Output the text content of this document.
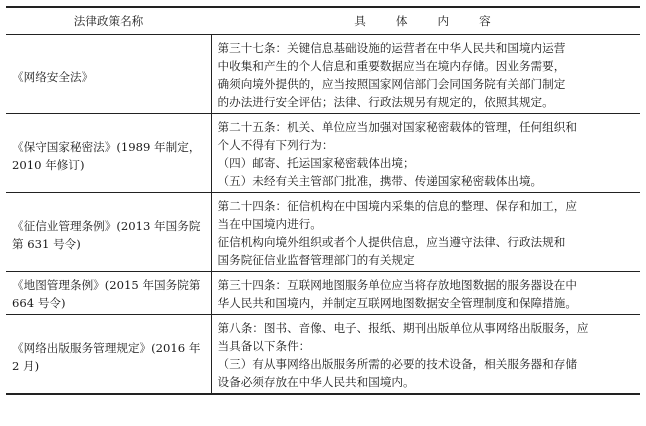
法律政策名称	具体内容
《网络安全法》	第三十七条：关键信息基础设施的运营者在中华人民共和国境内运营
中收集和产生的个人信息和重要数据应当在境内存储。因业务需要，
确须向境外提供的，应当按照国家网信部门会同国务院有关部门制定
的办法进行安全评估；法律、行政法规另有规定的，依照其规定。

《保守国家秘密法》(1989 年制定，2010 年修订)	第二十五条：机关、单位应当加强对国家秘密载体的管理，任何组织和
个人不得有下列行为：
（四）邮寄、托运国家秘密载体出境；
（五）未经有关主管部门批准，携带、传递国家秘密载体出境。

《征信业管理条例》(2013 年国务院第 631 号令)	第二十四条：征信机构在中国境内采集的信息的整理、保存和加工，应
当在中国境内进行。
征信机构向境外组织或者个人提供信息，应当遵守法律、行政法规和
国务院征信业监督管理部门的有关规定

《地图管理条例》(2015 年国务院第 664 号令)	第三十四条：互联网地图服务单位应当将存放地图数据的服务器设在中
华人民共和国境内，并制定互联网地图数据安全管理制度和保障措施。

《网络出版服务管理规定》(2016 年 2 月)	第八条：图书、音像、电子、报纸、期刊出版单位从事网络出版服务，应
当具备以下条件：
（三）有从事网络出版服务所需的必要的技术设备，相关服务器和存储
设备必须存放在中华人民共和国境内。
